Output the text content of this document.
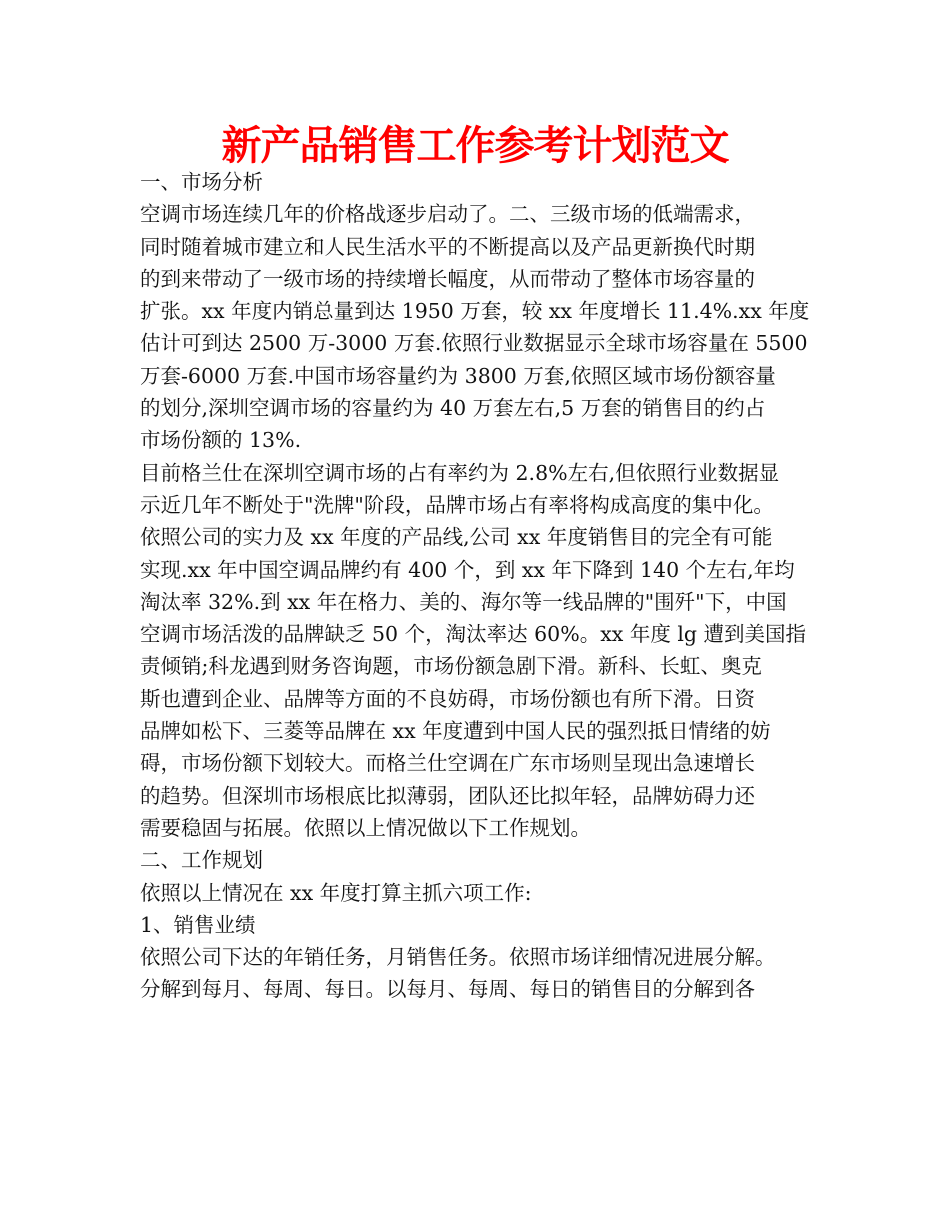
新产品销售工作参考计划范文
一、市场分析
空调市场连续几年的价格战逐步启动了。二、三级市场的低端需求，
同时随着城市建立和人民生活水平的不断提高以及产品更新换代时期
的到来带动了一级市场的持续增长幅度，从而带动了整体市场容量的
扩张。xx 年度内销总量到达 1950 万套，较 xx 年度增长 11.4%.xx 年度
估计可到达 2500 万-3000 万套.依照行业数据显示全球市场容量在 5500
万套-6000 万套.中国市场容量约为 3800 万套,依照区域市场份额容量
的划分,深圳空调市场的容量约为 40 万套左右,5 万套的销售目的约占
市场份额的 13%.
目前格兰仕在深圳空调市场的占有率约为 2.8%左右,但依照行业数据显
示近几年不断处于"洗牌"阶段，品牌市场占有率将构成高度的集中化。
依照公司的实力及 xx 年度的产品线,公司 xx 年度销售目的完全有可能
实现.xx 年中国空调品牌约有 400 个，到 xx 年下降到 140 个左右,年均
淘汰率 32%.到 xx 年在格力、美的、海尔等一线品牌的"围歼"下，中国
空调市场活泼的品牌缺乏 50 个，淘汰率达 60%。xx 年度 lg 遭到美国指
责倾销;科龙遇到财务咨询题，市场份额急剧下滑。新科、长虹、奥克
斯也遭到企业、品牌等方面的不良妨碍，市场份额也有所下滑。日资
品牌如松下、三菱等品牌在 xx 年度遭到中国人民的强烈抵日情绪的妨
碍，市场份额下划较大。而格兰仕空调在广东市场则呈现出急速增长
的趋势。但深圳市场根底比拟薄弱，团队还比拟年轻，品牌妨碍力还
需要稳固与拓展。依照以上情况做以下工作规划。
二、工作规划
依照以上情况在 xx 年度打算主抓六项工作:
1、销售业绩
依照公司下达的年销任务，月销售任务。依照市场详细情况进展分解。
分解到每月、每周、每日。以每月、每周、每日的销售目的分解到各
